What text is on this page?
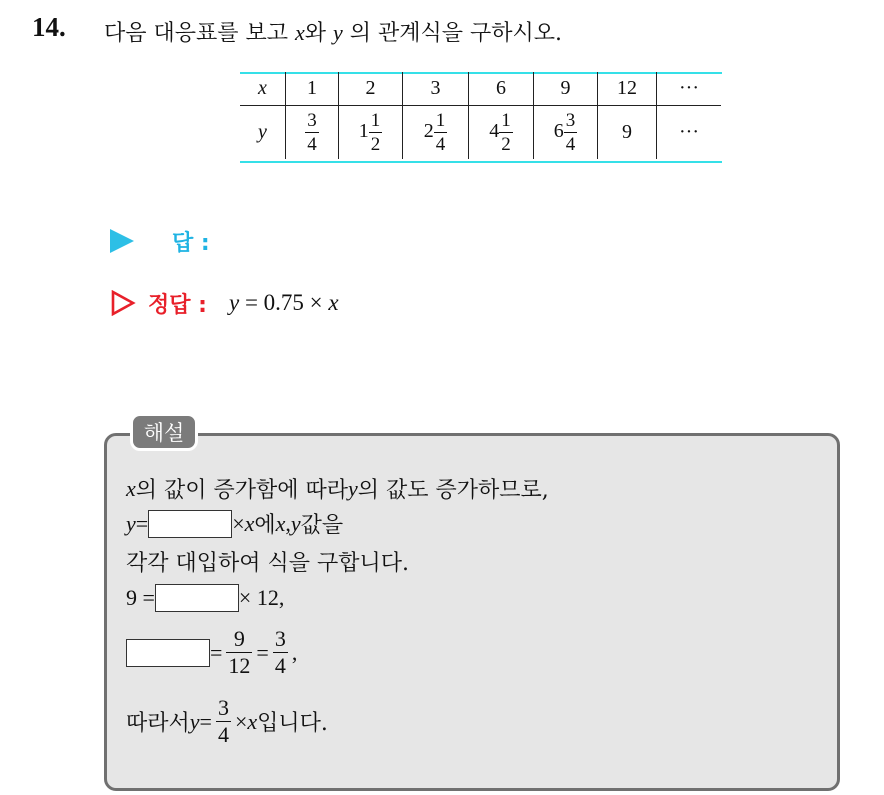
14. 다음 대응표를 보고 x와 y 의 관계식을 구하시오.
x	1	2	3	6	9	12	···
y	$\frac{3}{4}$	$1 \frac{1}{2}$	$2 \frac{1}{4}$	$4 \frac{1}{2}$	$6 \frac{3}{4}$	9	···
답 :
정답 : y = 0.75 × x
해설
x 의 값이 증가함에 따라 y 의 값도 증가하므로,
y =	× x 에 x , y 값을
각각 대입하여 식을 구합니다.
9 =	× 12,
= $\frac{9}{12} = \frac{3}{4}$ ,
따라서 $y = \frac{3}{4} \times x$ 입니다.
